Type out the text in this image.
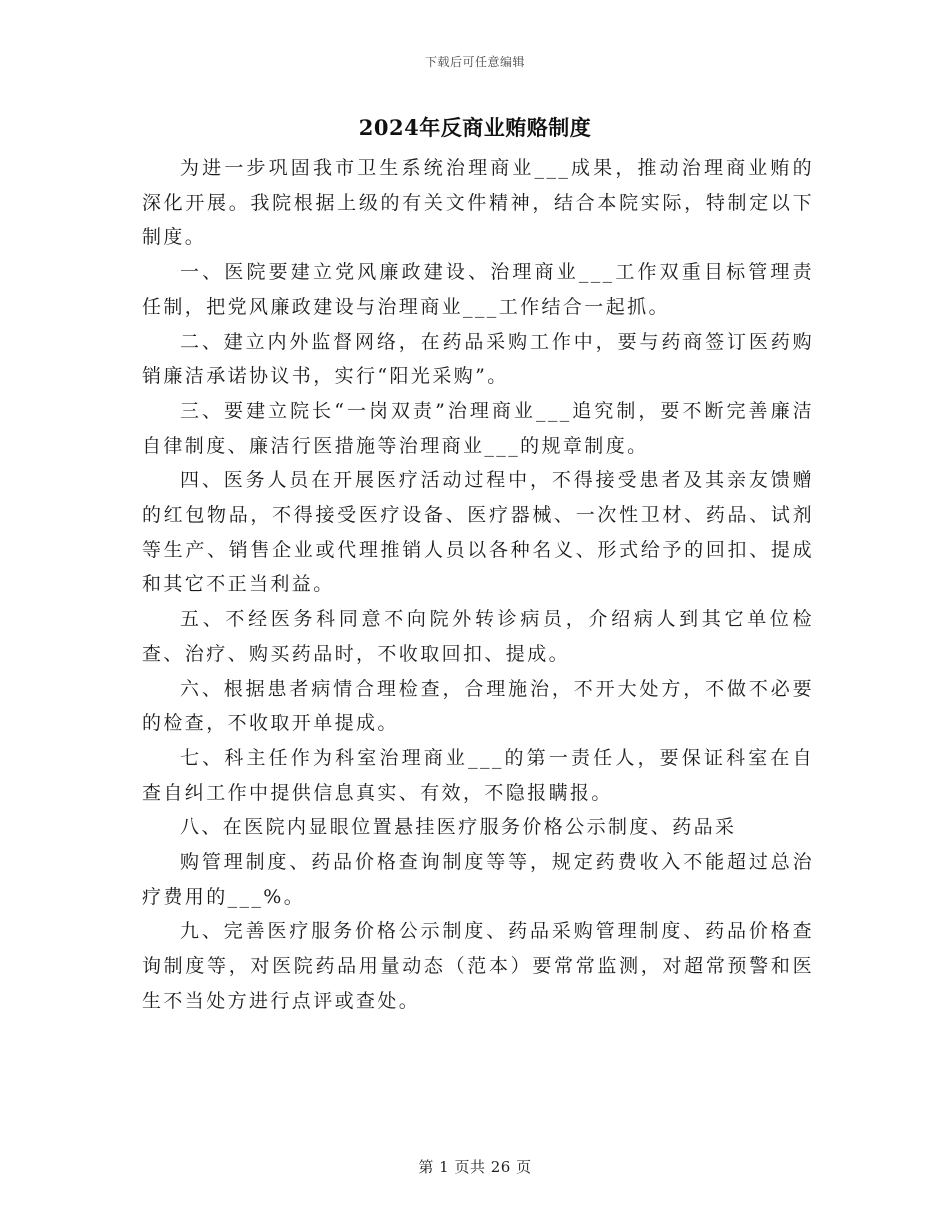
下载后可任意编辑
2024年反商业贿赂制度

为进一步巩固我市卫生系统治理商业___成果，推动治理商业贿的深化开展。我院根据上级的有关文件精神，结合本院实际，特制定以下制度。

一、医院要建立党风廉政建设、治理商业___工作双重目标管理责任制，把党风廉政建设与治理商业___工作结合一起抓。

二、建立内外监督网络，在药品采购工作中，要与药商签订医药购销廉洁承诺协议书，实行“阳光采购”。

三、要建立院长“一岗双责”治理商业___追究制，要不断完善廉洁自律制度、廉洁行医措施等治理商业___的规章制度。

四、医务人员在开展医疗活动过程中，不得接受患者及其亲友馈赠的红包物品，不得接受医疗设备、医疗器械、一次性卫材、药品、试剂等生产、销售企业或代理推销人员以各种名义、形式给予的回扣、提成和其它不正当利益。

五、不经医务科同意不向院外转诊病员，介绍病人到其它单位检查、治疗、购买药品时，不收取回扣、提成。

六、根据患者病情合理检查，合理施治，不开大处方，不做不必要的检查，不收取开单提成。

七、科主任作为科室治理商业___的第一责任人，要保证科室在自查自纠工作中提供信息真实、有效，不隐报瞒报。

八、在医院内显眼位置悬挂医疗服务价格公示制度、药品采

购管理制度、药品价格查询制度等等，规定药费收入不能超过总治疗费用的___%。

九、完善医疗服务价格公示制度、药品采购管理制度、药品价格查询制度等，对医院药品用量动态（范本）要常常监测，对超常预警和医生不当处方进行点评或查处。

第 1 页共 26 页
